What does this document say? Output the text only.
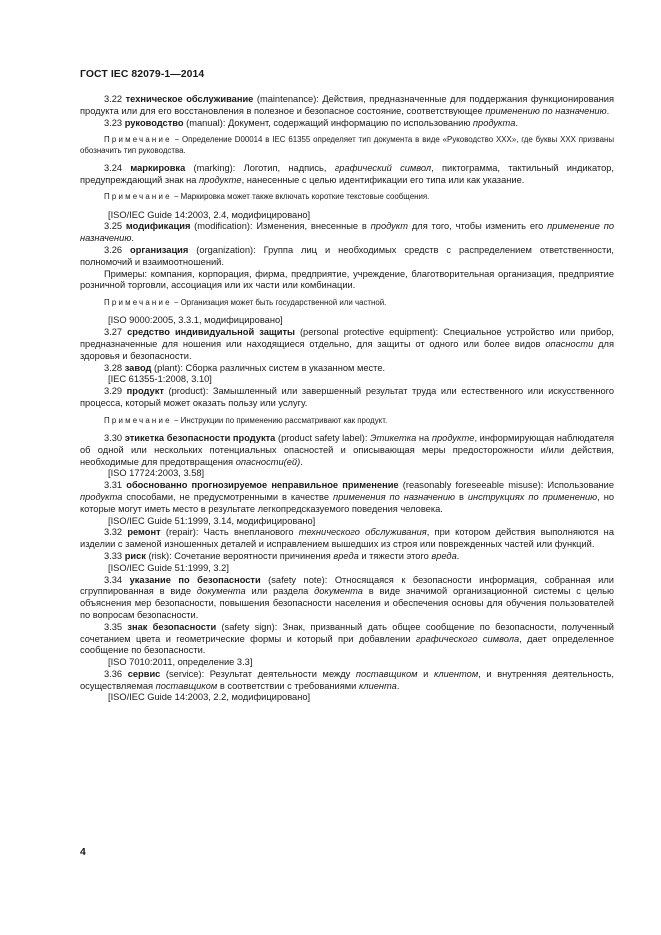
ГОСТ IEC 82079-1—2014

3.22 техническое обслуживание (maintenance): Действия, предназначенные для поддержания функционирования продукта или для его восстановления в полезное и безопасное состояние, соответствующее применению по назначению.

3.23 руководство (manual): Документ, содержащий информацию по использованию продукта.

Примечание − Определение D00014 в IEC 61355 определяет тип документа в виде «Руководство XXX», где буквы XXX призваны обозначить тип руководства.

3.24 маркировка (marking): Логотип, надпись, графический символ, пиктограмма, тактильный индикатор, предупреждающий знак на продукте, нанесенные с целью идентификации его типа или как указание.

Примечание − Маркировка может также включать короткие текстовые сообщения.

[ISO/IEC Guide 14:2003, 2.4, модифицировано]

3.25 модификация (modification): Изменения, внесенные в продукт для того, чтобы изменить его применение по назначению.

3.26 организация (organization): Группа лиц и необходимых средств с распределением ответственности, полномочий и взаимоотношений.

Примеры: компания, корпорация, фирма, предприятие, учреждение, благотворительная организация, предприятие розничной торговли, ассоциация или их части или комбинации.

Примечание − Организация может быть государственной или частной.

[ISO 9000:2005, 3.3.1, модифицировано]

3.27 средство индивидуальной защиты (personal protective equipment): Специальное устройство или прибор, предназначенные для ношения или находящиеся отдельно, для защиты от одного или более видов опасности для здоровья и безопасности.

3.28 завод (plant): Сборка различных систем в указанном месте.

[IEC 61355-1:2008, 3.10]

3.29 продукт (product): Замышленный или завершенный результат труда или естественного или искусственного процесса, который может оказать пользу или услугу.

Примечание − Инструкции по применению рассматривают как продукт.

3.30 этикетка безопасности продукта (product safety label): Этикетка на продукте, информирующая наблюдателя об одной или нескольких потенциальных опасностей и описывающая меры предосторожности и/или действия, необходимые для предотвращения опасности(ей).

[ISO 17724:2003, 3.58]

3.31 обоснованно прогнозируемое неправильное применение (reasonably foreseeable misuse): Использование продукта способами, не предусмотренными в качестве применения по назначению в инструкциях по применению, но которые могут иметь место в результате легкопредсказуемого поведения человека.

[ISO/IEC Guide 51:1999, 3.14, модифицировано]

3.32 ремонт (repair): Часть внепланового технического обслуживания, при котором действия выполняются на изделии с заменой изношенных деталей и исправлением вышедших из строя или поврежденных частей или функций.

3.33 риск (risk): Сочетание вероятности причинения вреда и тяжести этого вреда.

[ISO/IEC Guide 51:1999, 3.2]

3.34 указание по безопасности (safety note): Относящаяся к безопасности информация, собранная или сгруппированная в виде документа или раздела документа в виде значимой организационной системы с целью объяснения мер безопасности, повышения безопасности населения и обеспечения основы для обучения пользователей по вопросам безопасности.

3.35 знак безопасности (safety sign): Знак, призванный дать общее сообщение по безопасности, полученный сочетанием цвета и геометрические формы и который при добавлении графического символа, дает определенное сообщение по безопасности.

[ISO 7010:2011, определение 3.3]

3.36 сервис (service): Результат деятельности между поставщиком и клиентом, и внутренняя деятельность, осуществляемая поставщиком в соответствии с требованиями клиента.

[ISO/IEC Guide 14:2003, 2.2, модифицировано]

4
